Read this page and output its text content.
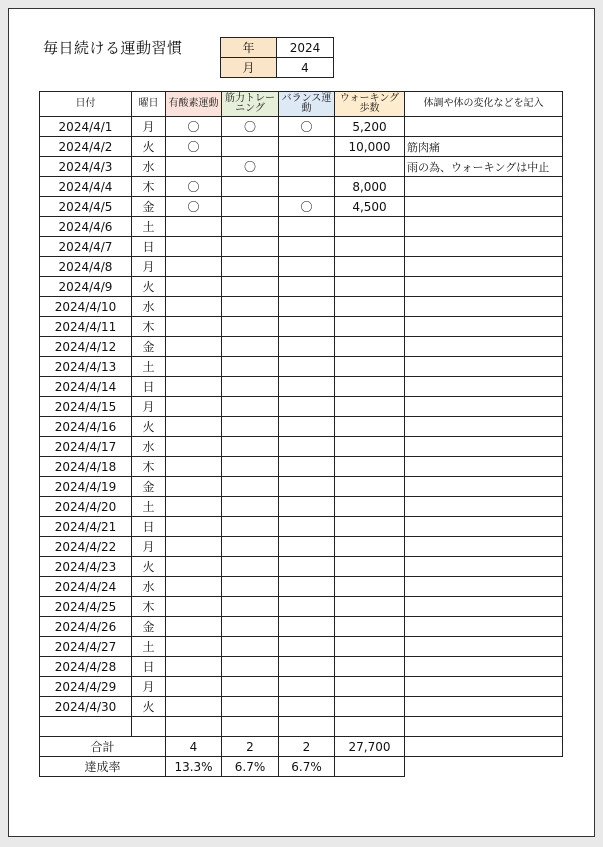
毎日続ける運動習慣	年	2024
月	4
日付	曜日	有酸素運動	筋力トレーニング	バランス運動	ウォーキング歩数	体調や体の変化などを記入
2024/4/1	月	〇	〇	〇	5,200	
2024/4/2	火	〇			10,000	筋肉痛
2024/4/3	水		〇			雨の為、ウォーキングは中止
2024/4/4	木	〇			8,000	
2024/4/5	金	〇		〇	4,500	
2024/4/6	土					
2024/4/7	日					
2024/4/8	月					
2024/4/9	火					
2024/4/10	水					
2024/4/11	木					
2024/4/12	金					
2024/4/13	土					
2024/4/14	日					
2024/4/15	月					
2024/4/16	火					
2024/4/17	水					
2024/4/18	木					
2024/4/19	金					
2024/4/20	土					
2024/4/21	日					
2024/4/22	月					
2024/4/23	火					
2024/4/24	水					
2024/4/25	木					
2024/4/26	金					
2024/4/27	土					
2024/4/28	日					
2024/4/29	月					
2024/4/30	火					

合計		4	2	2	27,700	
達成率		13.3%	6.7%	6.7%		
